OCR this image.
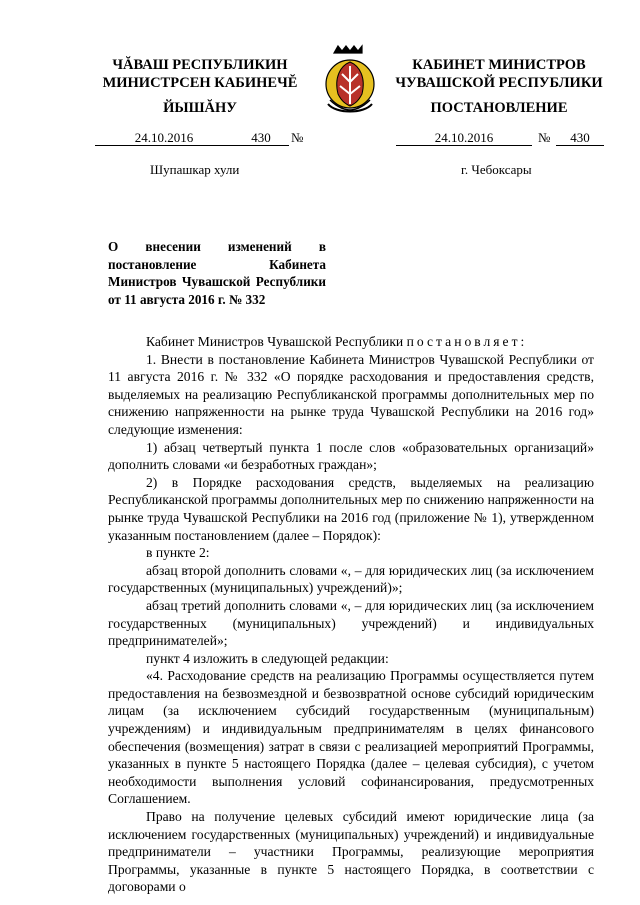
ЧĂВАШ РЕСПУБЛИКИН
МИНИСТРСЕН КАБИНЕЧĔ
КАБИНЕТ МИНИСТРОВ
ЧУВАШСКОЙ РЕСПУБЛИКИ
ЙЫШĂНУ	ПОСТАНОВЛЕНИЕ
24.10.2016	430	№	24.10.2016	№	430
Шупашкар хули	г. Чебоксары
О внесении изменений в постановление Кабинета Министров Чувашской Республики от 11 августа 2016 г. № 332

Кабинет Министров Чувашской Республики постановляет:

1. Внести в постановление Кабинета Министров Чувашской Республики от 11 августа 2016 г. № 332 «О порядке расходования и предоставления средств, выделяемых на реализацию Республиканской программы дополнительных мер по снижению напряженности на рынке труда Чувашской Республики на 2016 год» следующие изменения:

1) абзац четвертый пункта 1 после слов «образовательных организаций» дополнить словами «и безработных граждан»;

2) в Порядке расходования средств, выделяемых на реализацию Республиканской программы дополнительных мер по снижению напряженности на рынке труда Чувашской Республики на 2016 год (приложение № 1), утвержденном указанным постановлением (далее – Порядок):

в пункте 2:

абзац второй дополнить словами «, – для юридических лиц (за исключением государственных (муниципальных) учреждений)»;

абзац третий дополнить словами «, – для юридических лиц (за исключением государственных (муниципальных) учреждений) и индивидуальных предпринимателей»;

пункт 4 изложить в следующей редакции:

«4. Расходование средств на реализацию Программы осуществляется путем предоставления на безвозмездной и безвозвратной основе субсидий юридическим лицам (за исключением субсидий государственным (муниципальным) учреждениям) и индивидуальным предпринимателям в целях финансового обеспечения (возмещения) затрат в связи с реализацией мероприятий Программы, указанных в пункте 5 настоящего Порядка (далее – целевая субсидия), с учетом необходимости выполнения условий софинансирования, предусмотренных Соглашением.

Право на получение целевых субсидий имеют юридические лица (за исключением государственных (муниципальных) учреждений) и индивидуальные предприниматели – участники Программы, реализующие мероприятия Программы, указанные в пункте 5 настоящего Порядка, в соответствии с договорами о
